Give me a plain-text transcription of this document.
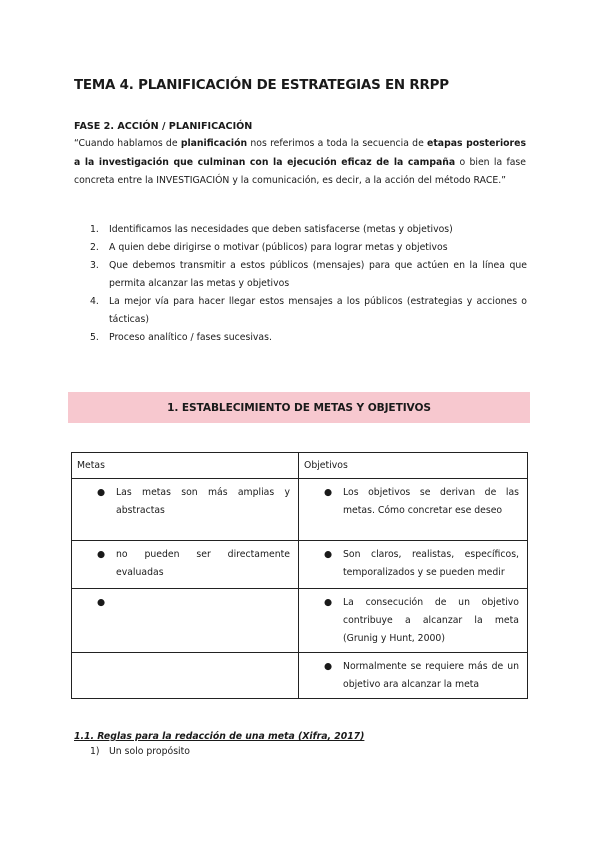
TEMA 4. PLANIFICACIÓN DE ESTRATEGIAS EN RRPP
FASE 2. ACCIÓN / PLANIFICACIÓN

“Cuando hablamos de planificación nos referimos a toda la secuencia de etapas posteriores a la investigación que culminan con la ejecución eficaz de la campaña o bien la fase concreta entre la INVESTIGACIÓN y la comunicación, es decir, a la acción del método RACE.”

1.	Identificamos las necesidades que deben satisfacerse (metas y objetivos)
2.	A quien debe dirigirse o motivar (públicos) para lograr metas y objetivos
3.	Que debemos transmitir a estos públicos (mensajes) para que actúen en la línea que permita alcanzar las metas y objetivos
4.	La mejor vía para hacer llegar estos mensajes a los públicos (estrategias y acciones o tácticas)
5.	Proceso analítico / fases sucesivas.
1. ESTABLECIMIENTO DE METAS Y OBJETIVOS
Metas	Objetivos

● Las metas son más amplias y abstractas	● Los objetivos se derivan de las metas. Cómo concretar ese deseo

● no pueden ser directamente evaluadas	● Son claros, realistas, específicos, temporalizados y se pueden medir

●	● La consecución de un objetivo contribuye a alcanzar la meta (Grunig y Hunt, 2000)

	● Normalmente se requiere más de un objetivo ara alcanzar la meta
1.1. Reglas para la redacción de una meta (Xifra, 2017)
1) Un solo propósito
